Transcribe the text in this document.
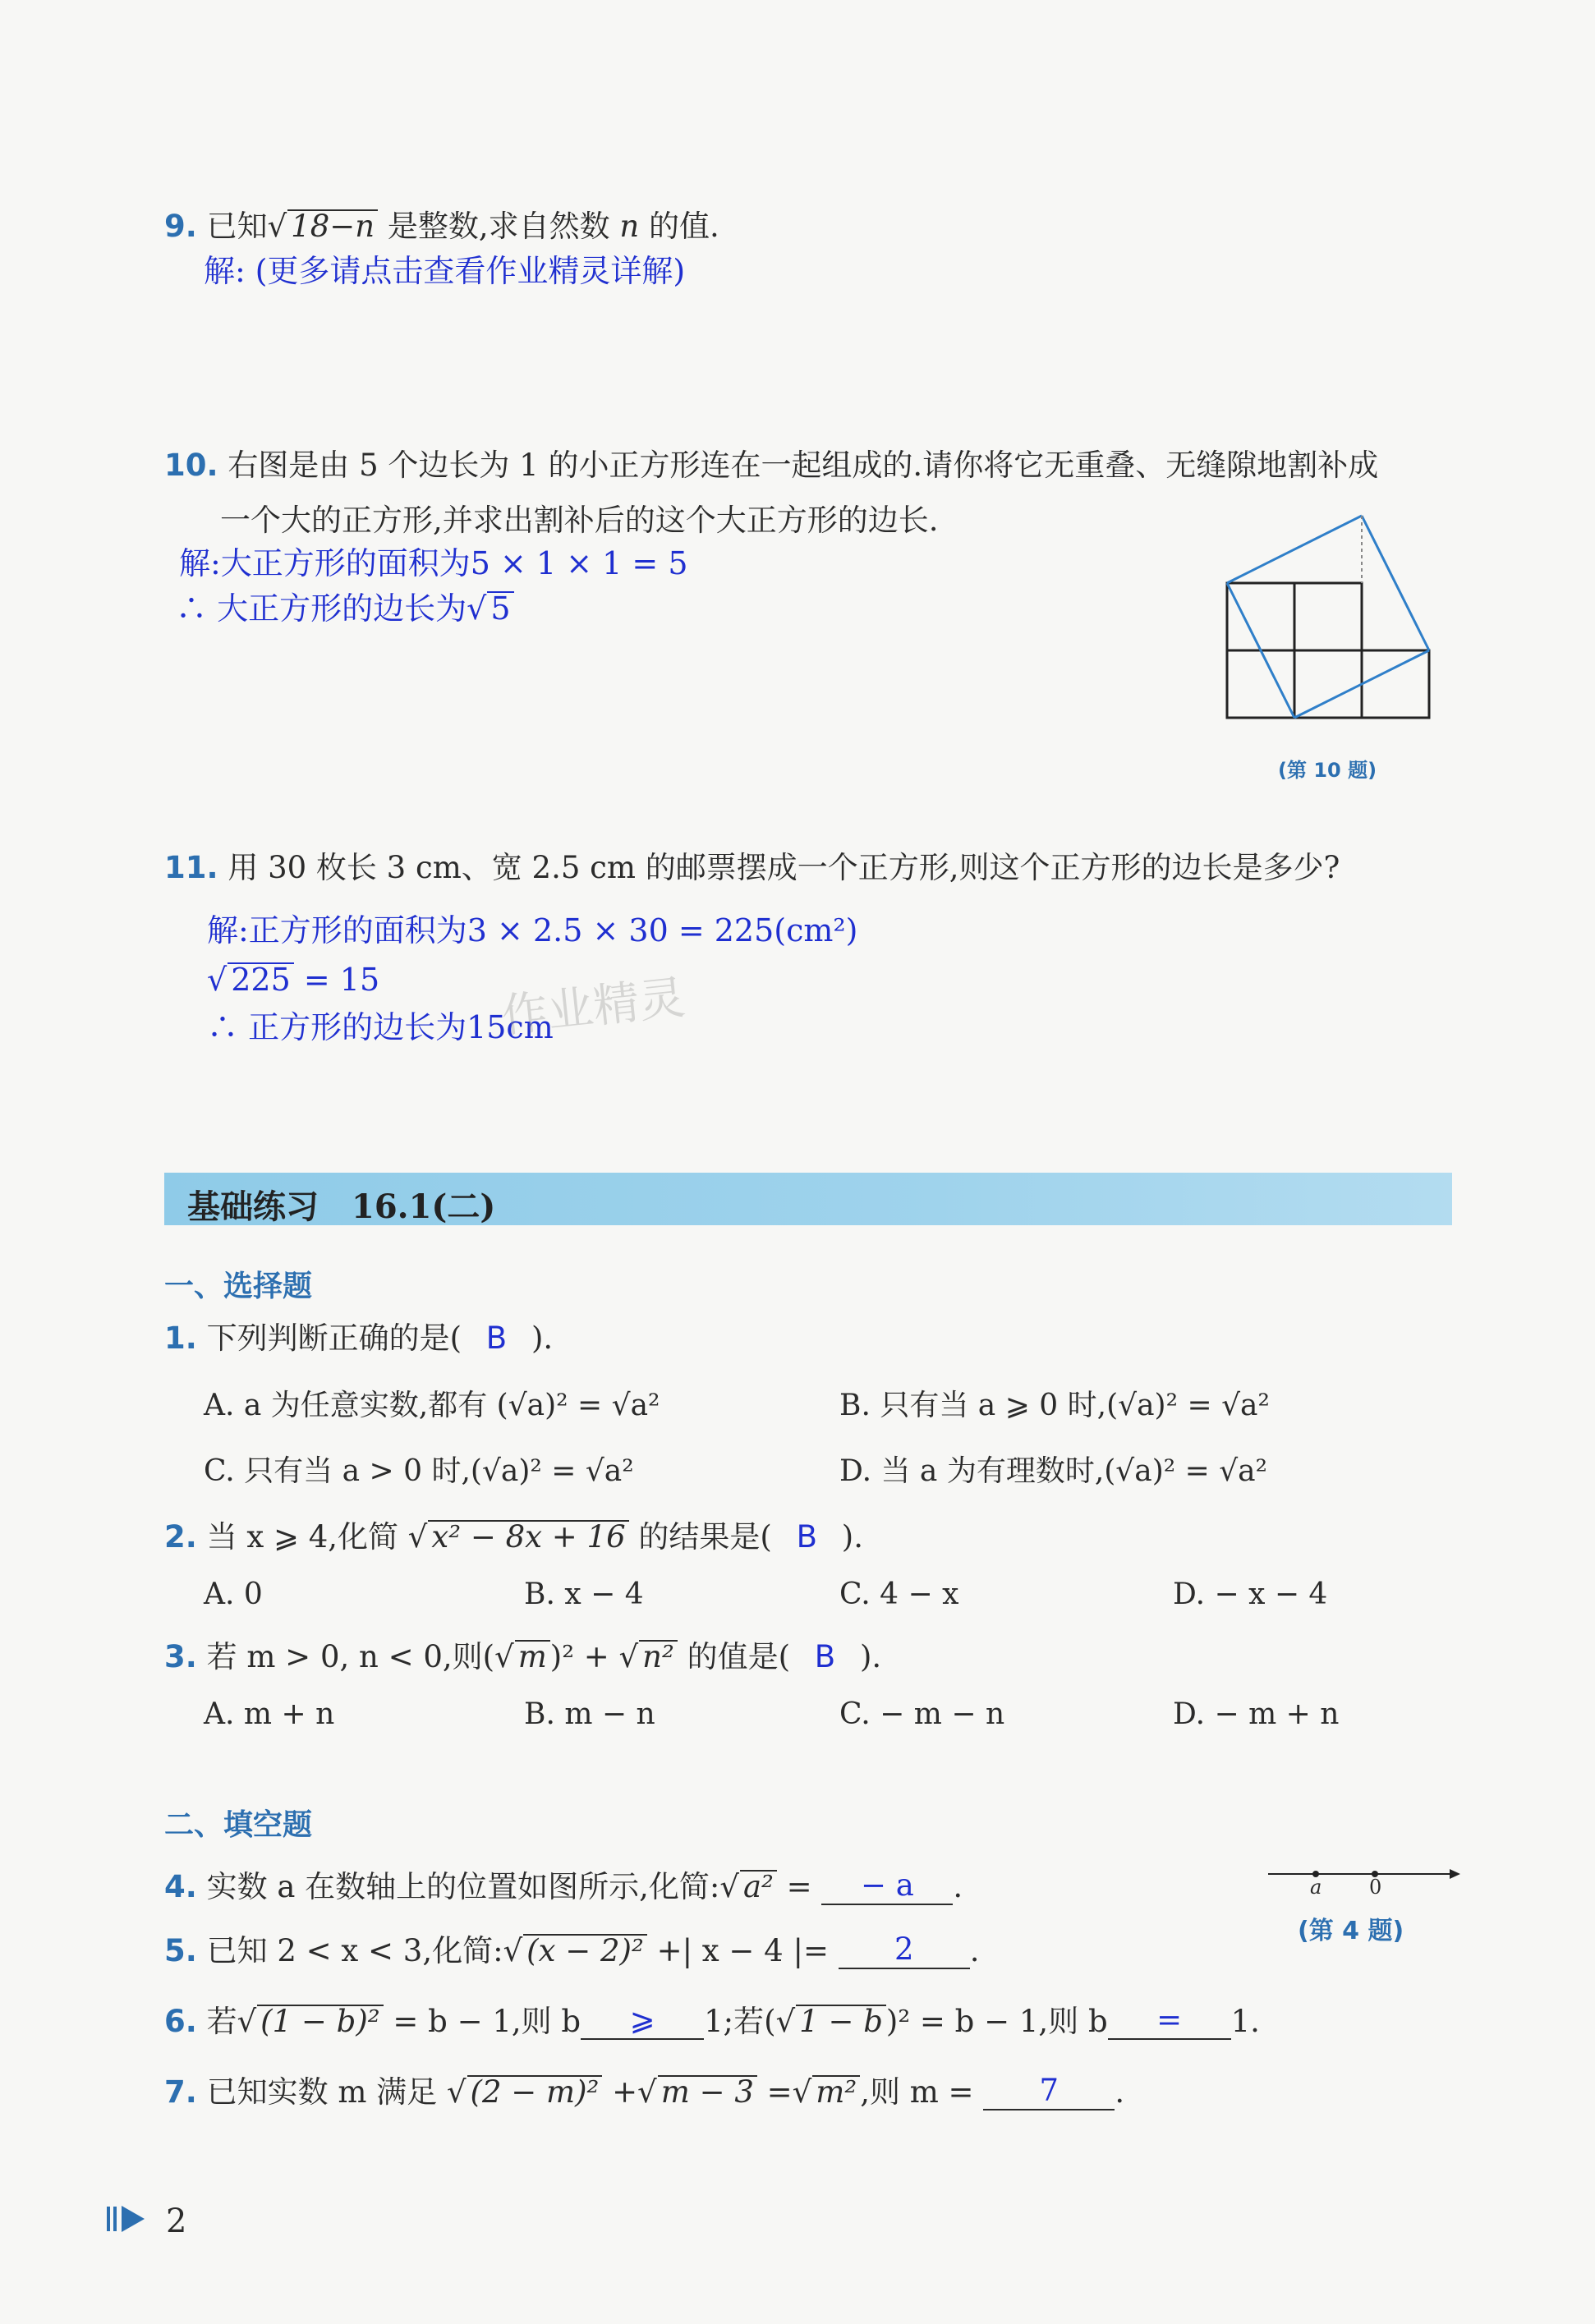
9. 已知√ 18−n 是整数,求自然数 n 的值.
解: (更多请点击查看作业精灵详解)
10. 右图是由 5 个边长为 1 的小正方形连在一起组成的.请你将它无重叠、无缝隙地割补成
一个大的正方形,并求出割补后的这个大正方形的边长.
解:大正方形的面积为5 × 1 × 1 = 5
∴ 大正方形的边长为√ 5
(第 10 题)
11. 用 30 枚长 3 cm、宽 2.5 cm 的邮票摆成一个正方形,则这个正方形的边长是多少?
解:正方形的面积为3 × 2.5 × 30 = 225(cm²)
√ 225 = 15
∴ 正方形的边长为15cm
作业精灵
基础练习　16.1(二)
一、选择题
1. 下列判断正确的是( B ).
A. a 为任意实数,都有 (√a)² = √a²	B. 只有当 a ⩾ 0 时,(√a)² = √a²
C. 只有当 a > 0 时,(√a)² = √a²	D. 当 a 为有理数时,(√a)² = √a²
2. 当 x ⩾ 4,化简 √ x² − 8x + 16 的结果是( B ).
A. 0	B. x − 4	C. 4 − x	D. − x − 4
3. 若 m > 0, n < 0,则(√ m )² + √ n² 的值是( B ).
A. m + n	B. m − n	C. − m − n	D. − m + n
二、填空题
4. 实数 a 在数轴上的位置如图所示,化简:√ a² = − a .	a 0
(第 4 题)
5. 已知 2 < x < 3,化简:√ (x − 2)² +| x − 4 |= 2 .
6. 若√ (1 − b)² = b − 1,则 b ⩾ 1;若(√ 1 − b )² = b − 1,则 b = 1.
7. 已知实数 m 满足 √ (2 − m)² +√ m − 3 =√ m² ,则 m = 7 .
2
